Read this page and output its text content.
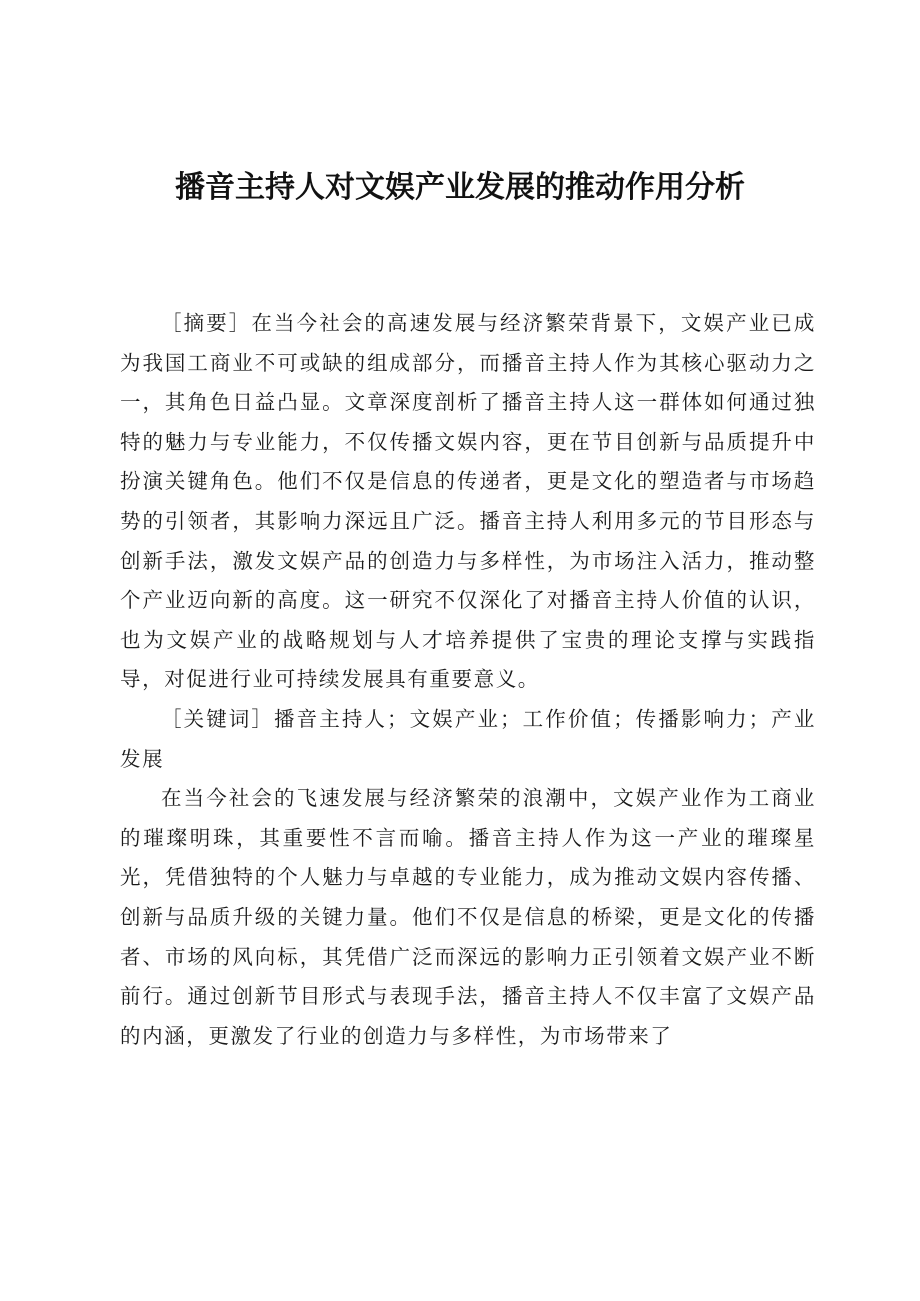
播音主持人对文娱产业发展的推动作用分析

［摘要］在当今社会的高速发展与经济繁荣背景下，文娱产业已成为我国工商业不可或缺的组成部分，而播音主持人作为其核心驱动力之一，其角色日益凸显。文章深度剖析了播音主持人这一群体如何通过独特的魅力与专业能力，不仅传播文娱内容，更在节目创新与品质提升中扮演关键角色。他们不仅是信息的传递者，更是文化的塑造者与市场趋势的引领者，其影响力深远且广泛。播音主持人利用多元的节目形态与创新手法，激发文娱产品的创造力与多样性，为市场注入活力，推动整个产业迈向新的高度。这一研究不仅深化了对播音主持人价值的认识，也为文娱产业的战略规划与人才培养提供了宝贵的理论支撑与实践指导，对促进行业可持续发展具有重要意义。

［关键词］播音主持人；文娱产业；工作价值；传播影响力；产业发展

在当今社会的飞速发展与经济繁荣的浪潮中，文娱产业作为工商业的璀璨明珠，其重要性不言而喻。播音主持人作为这一产业的璀璨星光，凭借独特的个人魅力与卓越的专业能力，成为推动文娱内容传播、创新与品质升级的关键力量。他们不仅是信息的桥梁，更是文化的传播者、市场的风向标，其凭借广泛而深远的影响力正引领着文娱产业不断前行。通过创新节目形式与表现手法，播音主持人不仅丰富了文娱产品的内涵，更激发了行业的创造力与多样性，为市场带来了
